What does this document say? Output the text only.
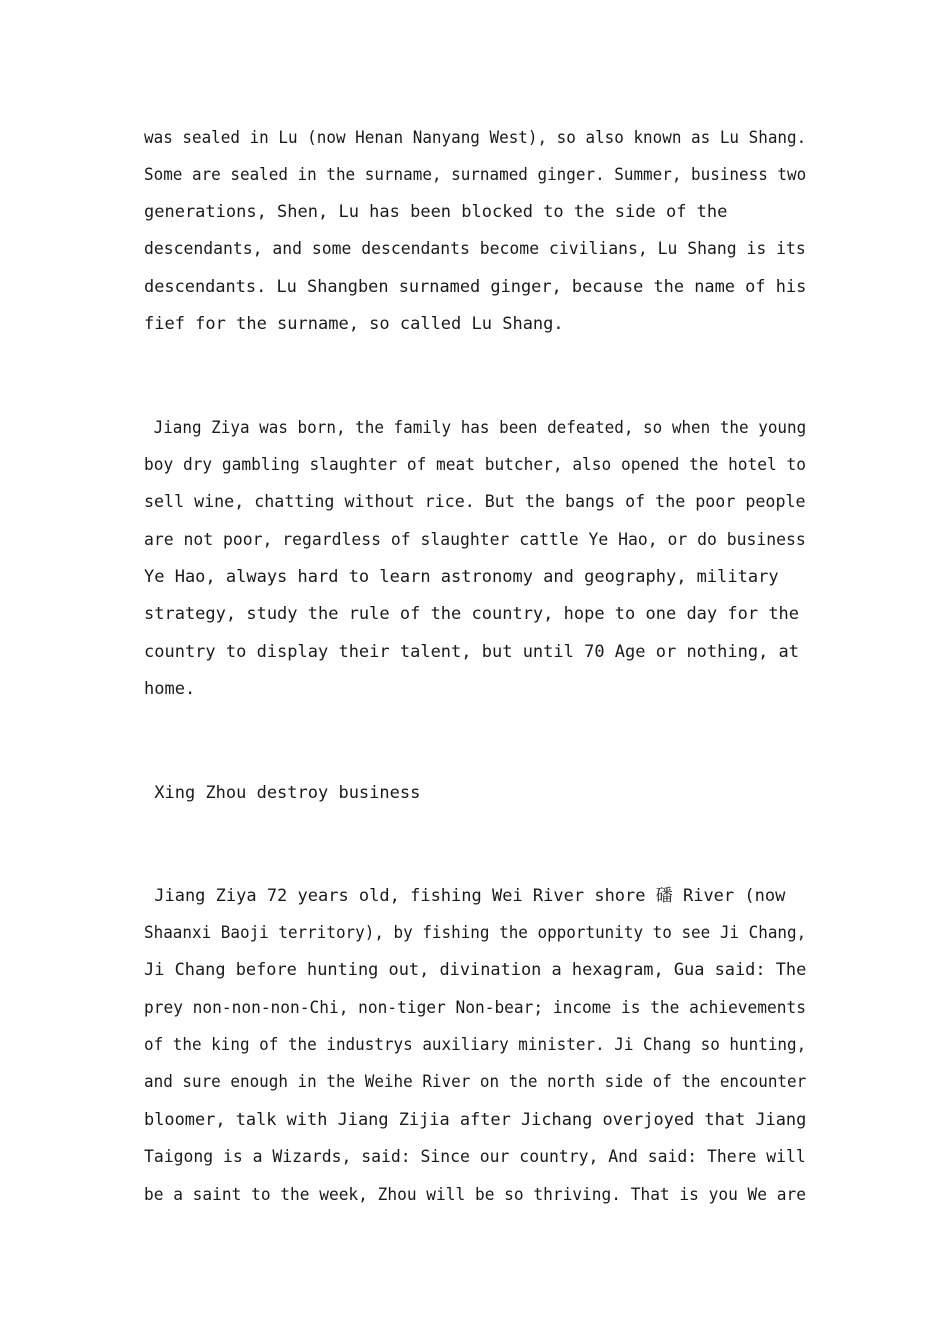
was sealed in Lu (now Henan Nanyang West), so also known as Lu Shang.
Some are sealed in the surname, surnamed ginger. Summer, business two
generations, Shen, Lu has been blocked to the side of the
descendants, and some descendants become civilians, Lu Shang is its
descendants. Lu Shangben surnamed ginger, because the name of his
fief for the surname, so called Lu Shang.
Jiang Ziya was born, the family has been defeated, so when the young
boy dry gambling slaughter of meat butcher, also opened the hotel to
sell wine, chatting without rice. But the bangs of the poor people
are not poor, regardless of slaughter cattle Ye Hao, or do business
Ye Hao, always hard to learn astronomy and geography, military
strategy, study the rule of the country, hope to one day for the
country to display their talent, but until 70 Age or nothing, at
home.
Xing Zhou destroy business
Jiang Ziya 72 years old, fishing Wei River shore 磻 River (now
Shaanxi Baoji territory), by fishing the opportunity to see Ji Chang,
Ji Chang before hunting out, divination a hexagram, Gua said: The
prey non-non-non-Chi, non-tiger Non-bear; income is the achievements
of the king of the industrys auxiliary minister. Ji Chang so hunting,
and sure enough in the Weihe River on the north side of the encounter
bloomer, talk with Jiang Zijia after Jichang overjoyed that Jiang
Taigong is a Wizards, said: Since our country, And said: There will
be a saint to the week, Zhou will be so thriving. That is you We are
